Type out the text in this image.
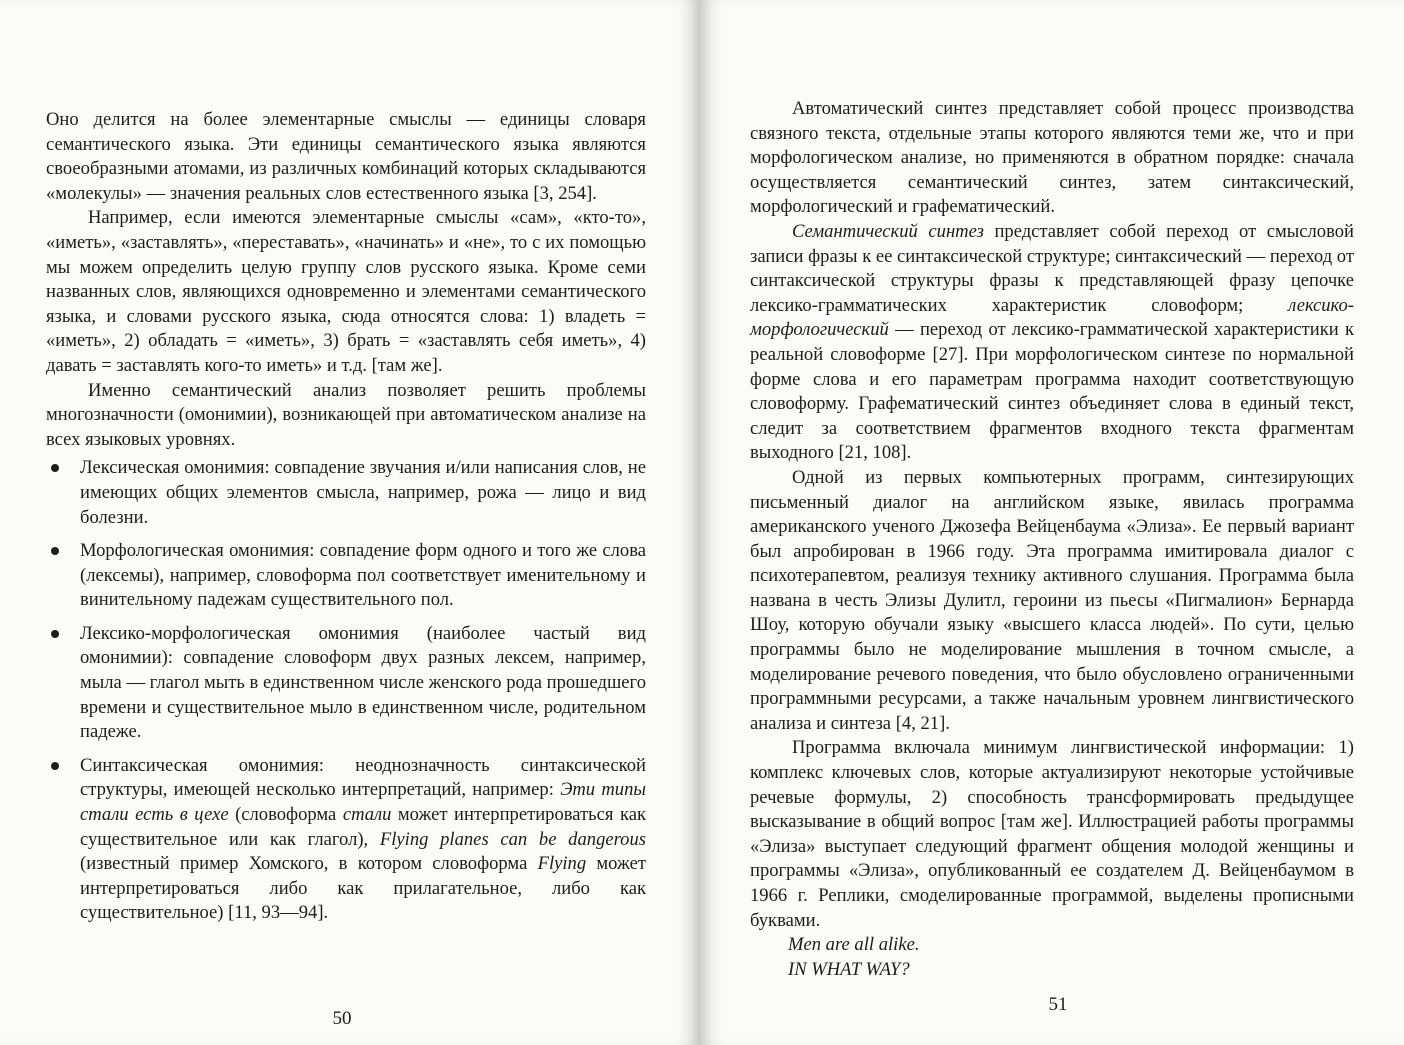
Оно делится на более элементарные смыслы — единицы словаря семантического языка. Эти единицы семантического языка являются своеобразными атомами, из различных комбинаций которых складываются «молекулы» — значения реальных слов естественного языка [3, 254].

Например, если имеются элементарные смыслы «сам», «кто-то», «иметь», «заставлять», «переставать», «начинать» и «не», то с их помощью мы можем определить целую группу слов русского языка. Кроме семи названных слов, являющихся одновременно и элементами семантического языка, и словами русского языка, сюда относятся слова: 1) владеть = «иметь», 2) обладать = «иметь», 3) брать = «заставлять себя иметь», 4) давать = заставлять кого-то иметь» и т.д. [там же].

Именно семантический анализ позволяет решить проблемы многозначности (омонимии), возникающей при автоматическом анализе на всех языковых уровнях.

Лексическая омонимия: совпадение звучания и/или написания слов, не имеющих общих элементов смысла, например, рожа — лицо и вид болезни.
Морфологическая омонимия: совпадение форм одного и того же слова (лексемы), например, словоформа пол соответствует именительному и винительному падежам существительного пол.
Лексико-морфологическая омонимия (наиболее частый вид омонимии): совпадение словоформ двух разных лексем, например, мыла — глагол мыть в единственном числе женского рода прошедшего времени и существительное мыло в единственном числе, родительном падеже.
Синтаксическая омонимия: неоднозначность синтаксической структуры, имеющей несколько интерпретаций, например: Эти типы стали есть в цехе (словоформа стали может интерпретироваться как существительное или как глагол), Flying planes can be dangerous (известный пример Хомского, в котором словоформа Flying может интерпретироваться либо как прилагательное, либо как существительное) [11, 93—94].

Автоматический синтез представляет собой процесс производства связного текста, отдельные этапы которого являются теми же, что и при морфологическом анализе, но применяются в обратном порядке: сначала осуществляется семантический синтез, затем синтаксический, морфологический и графематический.

Семантический синтез представляет собой переход от смысловой записи фразы к ее синтаксической структуре; синтаксический — переход от синтаксической структуры фразы к представляющей фразу цепочке лексико-грамматических характеристик словоформ; лексико-морфологический — переход от лексико-грамматической характеристики к реальной словоформе [27]. При морфологическом синтезе по нормальной форме слова и его параметрам программа находит соответствующую словоформу. Графематический синтез объединяет слова в единый текст, следит за соответствием фрагментов входного текста фрагментам выходного [21, 108].

Одной из первых компьютерных программ, синтезирующих письменный диалог на английском языке, явилась программа американского ученого Джозефа Вейценбаума «Элиза». Ее первый вариант был апробирован в 1966 году. Эта программа имитировала диалог с психотерапевтом, реализуя технику активного слушания. Программа была названа в честь Элизы Дулитл, героини из пьесы «Пигмалион» Бернарда Шоу, которую обучали языку «высшего класса людей». По сути, целью программы было не моделирование мышления в точном смысле, а моделирование речевого поведения, что было обусловлено ограниченными программными ресурсами, а также начальным уровнем лингвистического анализа и синтеза [4, 21].

Программа включала минимум лингвистической информации: 1) комплекс ключевых слов, которые актуализируют некоторые устойчивые речевые формулы, 2) способность трансформировать предыдущее высказывание в общий вопрос [там же]. Иллюстрацией работы программы «Элиза» выступает следующий фрагмент общения молодой женщины и программы «Элиза», опубликованный ее создателем Д. Вейценбаумом в 1966 г. Реплики, смоделированные программой, выделены прописными буквами.

Men are all alike.

IN WHAT WAY?

50
51
